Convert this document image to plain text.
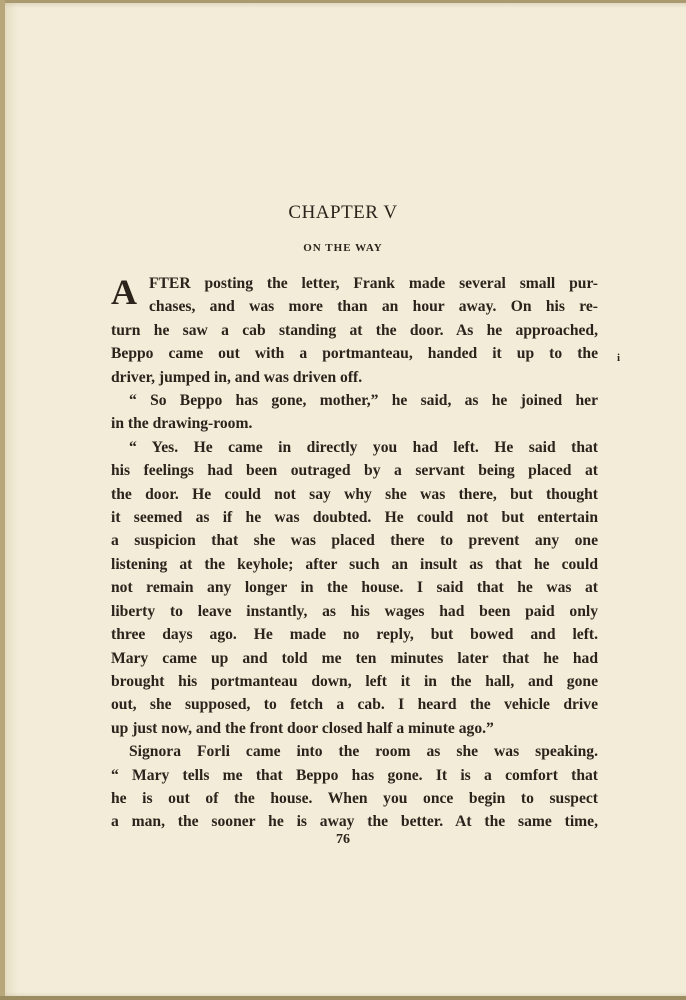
CHAPTER V
ON THE WAY
A FTER posting the letter, Frank made several small pur-
chases, and was more than an hour away. On his re-
turn he saw a cab standing at the door. As he approached,
Beppo came out with a portmanteau, handed it up to the
driver, jumped in, and was driven off.
“ So Beppo has gone, mother,” he said, as he joined her
in the drawing-room.
“ Yes. He came in directly you had left. He said that
his feelings had been outraged by a servant being placed at
the door. He could not say why she was there, but thought
it seemed as if he was doubted. He could not but entertain
a suspicion that she was placed there to prevent any one
listening at the keyhole; after such an insult as that he could
not remain any longer in the house. I said that he was at
liberty to leave instantly, as his wages had been paid only
three days ago. He made no reply, but bowed and left.
Mary came up and told me ten minutes later that he had
brought his portmanteau down, left it in the hall, and gone
out, she supposed, to fetch a cab. I heard the vehicle drive
up just now, and the front door closed half a minute ago.”
Signora Forli came into the room as she was speaking.
“ Mary tells me that Beppo has gone. It is a comfort that
he is out of the house. When you once begin to suspect
a man, the sooner he is away the better. At the same time,
i
76
